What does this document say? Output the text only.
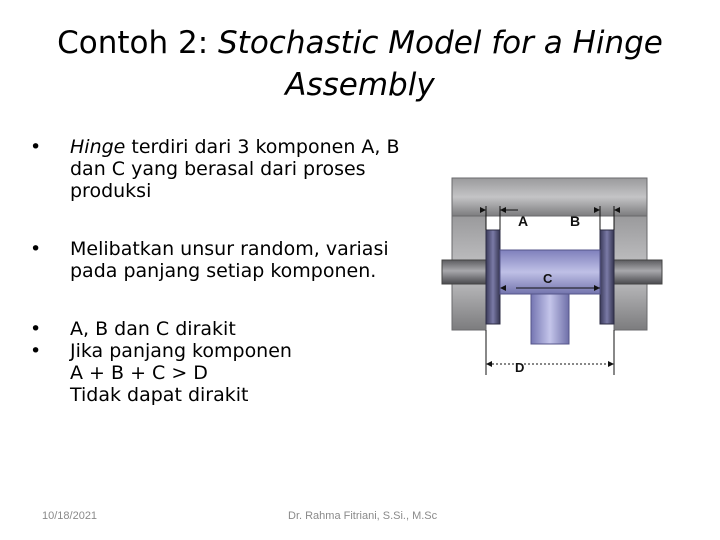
Contoh 2: Stochastic Model for a Hinge
Assembly
• Hinge terdiri dari 3 komponen A, B
dan C yang berasal dari proses
produksi
• Melibatkan unsur random, variasi
pada panjang setiap komponen.
• A, B dan C dirakit
• Jika panjang komponen
A + B + C > D
Tidak dapat dirakit
A	B
C
D
10/18/2021	Dr. Rahma Fitriani, S.Si., M.Sc
